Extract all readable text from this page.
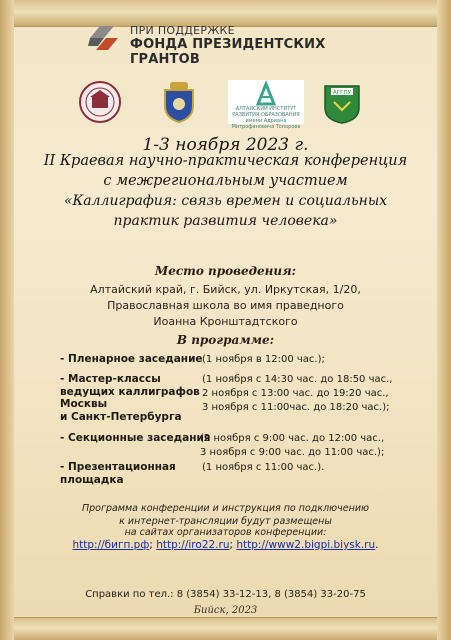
ПРИ ПОДДЕРЖКЕ
ФОНДА ПРЕЗИДЕНТСКИХ ГРАНТОВ
АЛТАЙСКИЙ ИНСТИТУТ РАЗВИТИЯ ОБРАЗОВАНИЯ
имени Адриана Митрофановича Топорова
АГГПУ
1-3 ноября 2023 г.
II Краевая научно-практическая конференция
с межрегиональным участием
«Каллиграфия: связь времен и социальных
практик развития человека»
Место проведения:
Алтайский край, г. Бийск, ул. Иркутская, 1/20,
Православная школа во имя праведного
Иоанна Кронштадтского
В программе:
- Пленарное заседание (1 ноября в 12:00 час.);
- Мастер-классы
ведущих каллиграфов
Москвы
и Санкт-Петербурга
(1 ноября с 14:30 час. до 18:50 час.,
2 ноября с 13:00 час. до 19:20 час.,
3 ноября с 11:00час. до 18:20 час.);
- Секционные заседания
(2 ноября с 9:00 час. до 12:00 час.,
3 ноября с 9:00 час. до 11:00 час.);
- Презентационная
площадка
(1 ноября с 11:00 час.).
Программа конференции и инструкция по подключению
к интернет-трансляции будут размещены
на сайтах организаторов конференции:
http://бигп.рф; http://iro22.ru; http://www2.bigpi.biysk.ru.
Справки по тел.: 8 (3854) 33-12-13, 8 (3854) 33-20-75
Бийск, 2023
